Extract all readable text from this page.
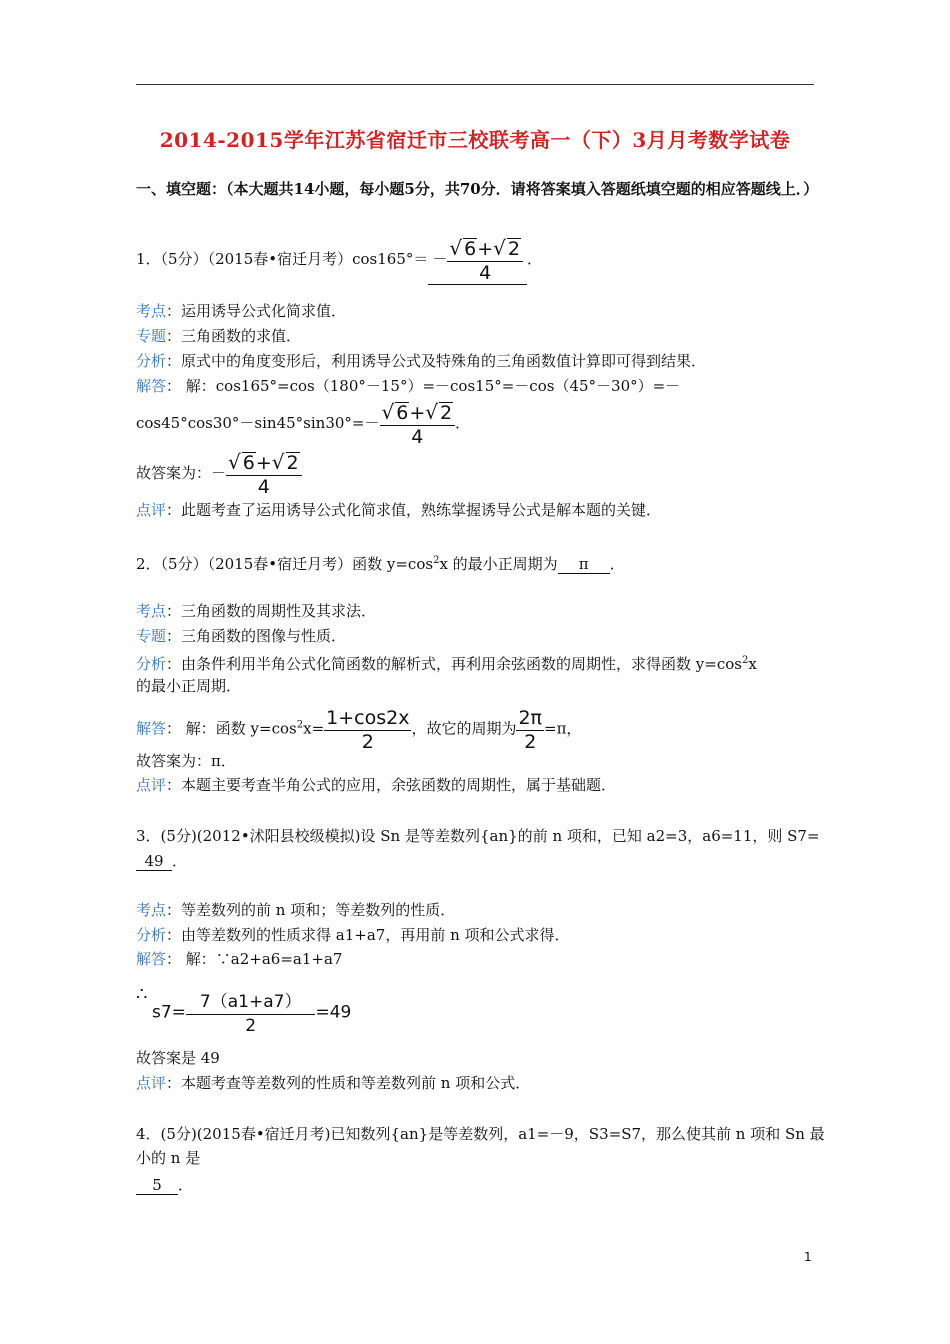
2014-2015学年江苏省宿迁市三校联考高一（下）3月月考数学试卷
一、填空题：（本大题共14小题，每小题5分，共70分．请将答案填入答题纸填空题的相应答题线上．）
1．（5分）（2015春•宿迁月考）$\cos 165^\circ= - \frac{√ 6+√ 2}{4}$ ．
考点：运用诱导公式化简求值．
专题：三角函数的求值．
分析：原式中的角度变形后，利用诱导公式及特殊角的三角函数值计算即可得到结果．
解答： 解：cos165°=cos（180°－15°）=－cos15°=－cos（45°－30°）=－
$\cos 45^\circ\cos 30^\circ-\sin 45^\circ\sin 30^\circ=- \frac{√ 6+√ 2}{4}$ ．
故答案为：－ $\frac{√ 6+√ 2}{4}$
点评：此题考查了运用诱导公式化简求值，熟练掌握诱导公式是解本题的关键．
2．（5分）（2015春•宿迁月考）函数 $y=\cos^2x$ 的最小正周期为 π ．
考点：三角函数的周期性及其求法．
专题：三角函数的图像与性质．
分析：由条件利用半角公式化简函数的解析式，再利用余弦函数的周期性，求得函数 $y=\cos^2x$
的最小正周期．
解答： 解：函数 $y=\cos^2x= \frac{1+\cos 2x}{2}$ ，故它的周期为 $\frac{2\pi}{2} =\pi$，
故答案为：π．
点评：本题主要考查半角公式的应用，余弦函数的周期性，属于基础题．
3．(5分)(2012•沭阳县校级模拟)设 Sn 是等差数列{an}的前 n 项和，已知 a2=3，a6=11，则 S7=
49 ．
考点：等差数列的前 n 项和；等差数列的性质．
分析：由等差数列的性质求得 a1+a7，再用前 n 项和公式求得．
解答： 解：∵a2+a6=a1+a7
∴
$s7= \frac{7(a1+a7)}{2} =49$
故答案是 49
点评：本题考查等差数列的性质和等差数列前 n 项和公式．
4．(5分)(2015春•宿迁月考)已知数列{an}是等差数列，a1=－9，S3=S7，那么使其前 n 项和 Sn 最
小的 n 是
5 ．
1
